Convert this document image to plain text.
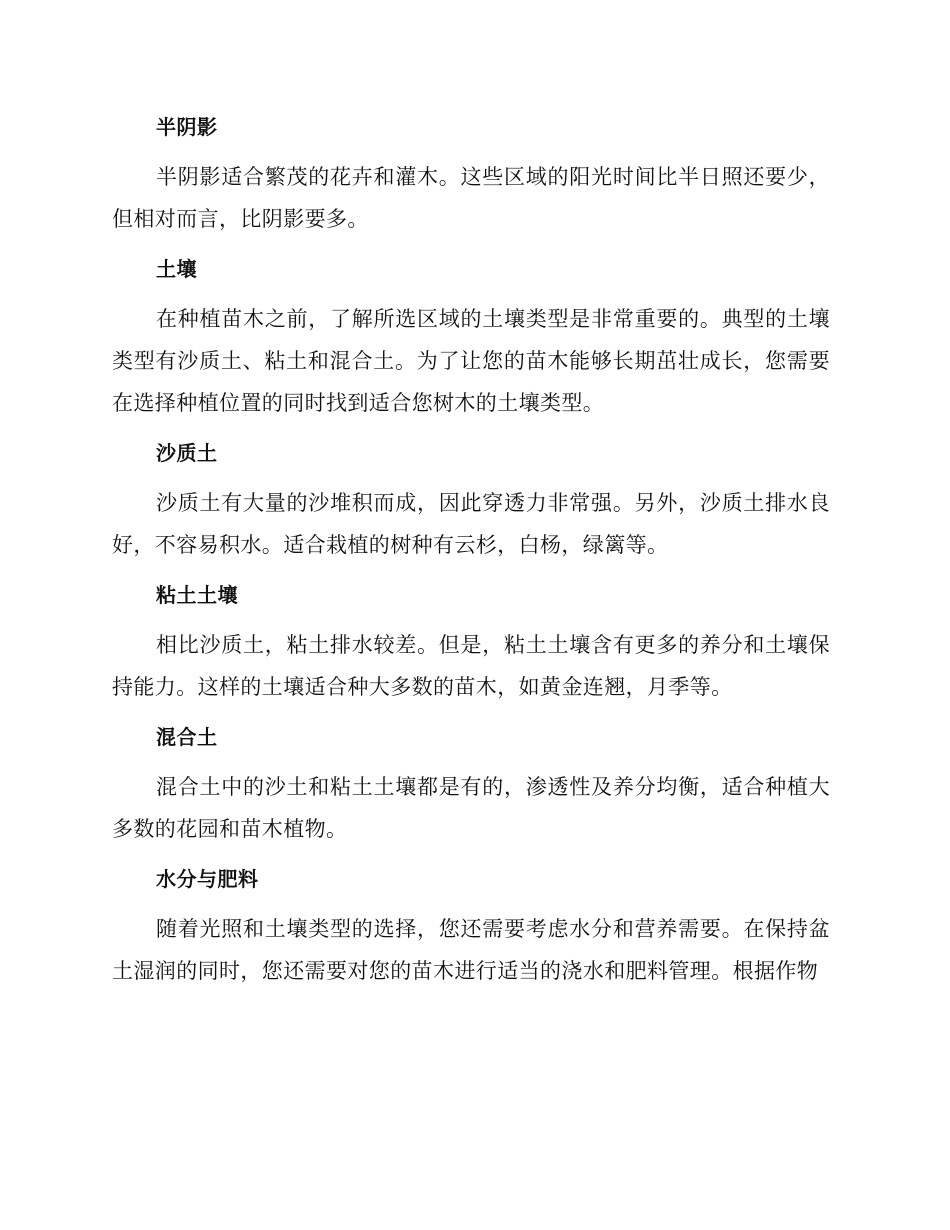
半阴影

半阴影适合繁茂的花卉和灌木。这些区域的阳光时间比半日照还要少，但相对而言，比阴影要多。

土壤

在种植苗木之前，了解所选区域的土壤类型是非常重要的。典型的土壤类型有沙质土、粘土和混合土。为了让您的苗木能够长期茁壮成长，您需要在选择种植位置的同时找到适合您树木的土壤类型。

沙质土

沙质土有大量的沙堆积而成，因此穿透力非常强。另外，沙质土排水良好，不容易积水。适合栽植的树种有云杉，白杨，绿篱等。

粘土土壤

相比沙质土，粘土排水较差。但是，粘土土壤含有更多的养分和土壤保持能力。这样的土壤适合种大多数的苗木，如黄金连翘，月季等。

混合土

混合土中的沙土和粘土土壤都是有的，渗透性及养分均衡，适合种植大多数的花园和苗木植物。

水分与肥料

随着光照和土壤类型的选择，您还需要考虑水分和营养需要。在保持盆土湿润的同时，您还需要对您的苗木进行适当的浇水和肥料管理。根据作物
